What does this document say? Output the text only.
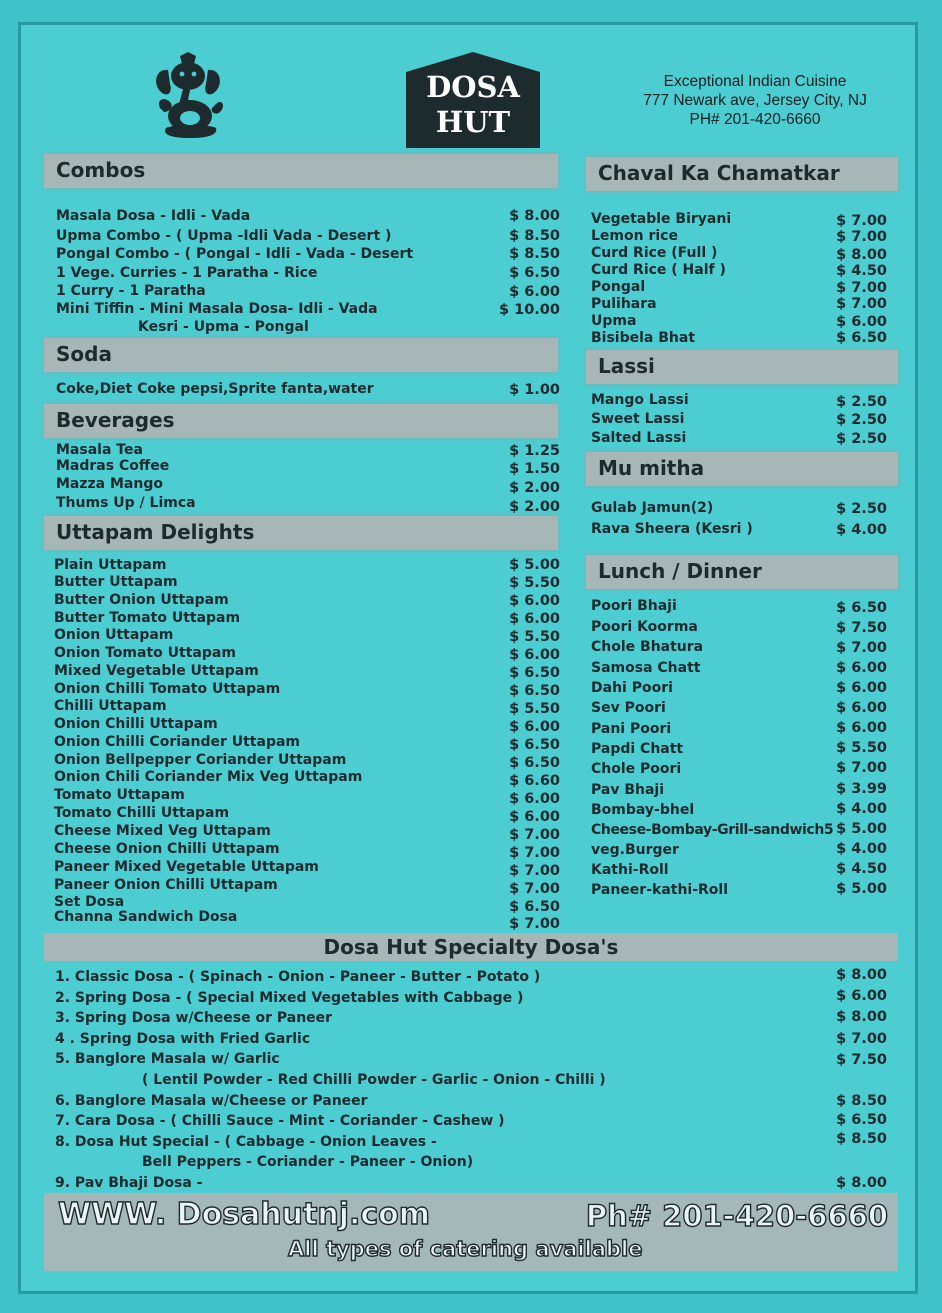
DOSA
HUT
Exceptional Indian Cuisine
777 Newark ave, Jersey City, NJ
PH# 201-420-6660
Combos
Soda
Beverages
Uttapam Delights
Chaval Ka Chamatkar
Lassi
Mu mitha
Lunch / Dinner
Masala Dosa - Idli - Vada	$ 8.00
Upma Combo - ( Upma -Idli Vada - Desert )	$ 8.50
Pongal Combo - ( Pongal - Idli - Vada - Desert	$ 8.50
1 Vege. Curries - 1 Paratha - Rice	$ 6.50
1 Curry - 1 Paratha	$ 6.00
Mini Tiffin - Mini Masala Dosa- Idli - Vada	$ 10.00
Kesri - Upma - Pongal
Coke,Diet Coke pepsi,Sprite fanta,water	$ 1.00
Masala Tea	$ 1.25
Madras Coffee	$ 1.50
Mazza Mango	$ 2.00
Thums Up / Limca	$ 2.00
Plain Uttapam	$ 5.00
Butter Uttapam	$ 5.50
Butter Onion Uttapam	$ 6.00
Butter Tomato Uttapam	$ 6.00
Onion Uttapam	$ 5.50
Onion Tomato Uttapam	$ 6.00
Mixed Vegetable Uttapam	$ 6.50
Onion Chilli Tomato Uttapam	$ 6.50
Chilli Uttapam	$ 5.50
Onion Chilli Uttapam	$ 6.00
Onion Chilli Coriander Uttapam	$ 6.50
Onion Bellpepper Coriander Uttapam	$ 6.50
Onion Chili Coriander Mix Veg Uttapam	$ 6.60
Tomato Uttapam	$ 6.00
Tomato Chilli Uttapam	$ 6.00
Cheese Mixed Veg Uttapam	$ 7.00
Cheese Onion Chilli Uttapam	$ 7.00
Paneer Mixed Vegetable Uttapam	$ 7.00
Paneer Onion Chilli Uttapam	$ 7.00
Set Dosa	$ 6.50
Channa Sandwich Dosa	$ 7.00
Vegetable Biryani	$ 7.00
Lemon rice	$ 7.00
Curd Rice (Full )	$ 8.00
Curd Rice ( Half )	$ 4.50
Pongal	$ 7.00
Pulihara	$ 7.00
Upma	$ 6.00
Bisibela Bhat	$ 6.50
Mango Lassi	$ 2.50
Sweet Lassi	$ 2.50
Salted Lassi	$ 2.50
Gulab Jamun(2)	$ 2.50
Rava Sheera (Kesri )	$ 4.00
Poori Bhaji	$ 6.50
Poori Koorma	$ 7.50
Chole Bhatura	$ 7.00
Samosa Chatt	$ 6.00
Dahi Poori	$ 6.00
Sev Poori	$ 6.00
Pani Poori	$ 6.00
Papdi Chatt	$ 5.50
Chole Poori	$ 7.00
Pav Bhaji	$ 3.99
Bombay-bhel	$ 4.00
Cheese-Bombay-Grill-sandwich5 $ 5.00
veg.Burger	$ 4.00
Kathi-Roll	$ 4.50
Paneer-kathi-Roll	$ 5.00
Dosa Hut Specialty Dosa's
1. Classic Dosa - ( Spinach - Onion - Paneer - Butter - Potato )	$ 8.00
2. Spring Dosa - ( Special Mixed Vegetables with Cabbage )	$ 6.00
3. Spring Dosa w/Cheese or Paneer	$ 8.00
4 . Spring Dosa with Fried Garlic	$ 7.00
5. Banglore Masala w/ Garlic	$ 7.50
( Lentil Powder - Red Chilli Powder - Garlic - Onion - Chilli )
6. Banglore Masala w/Cheese or Paneer	$ 8.50
7. Cara Dosa - ( Chilli Sauce - Mint - Coriander - Cashew )	$ 6.50
8. Dosa Hut Special - ( Cabbage - Onion Leaves -	$ 8.50
Bell Peppers - Coriander - Paneer - Onion)
9. Pav Bhaji Dosa -	$ 8.00
WWW. Dosahutnj.com	Ph# 201-420-6660
All types of catering available
